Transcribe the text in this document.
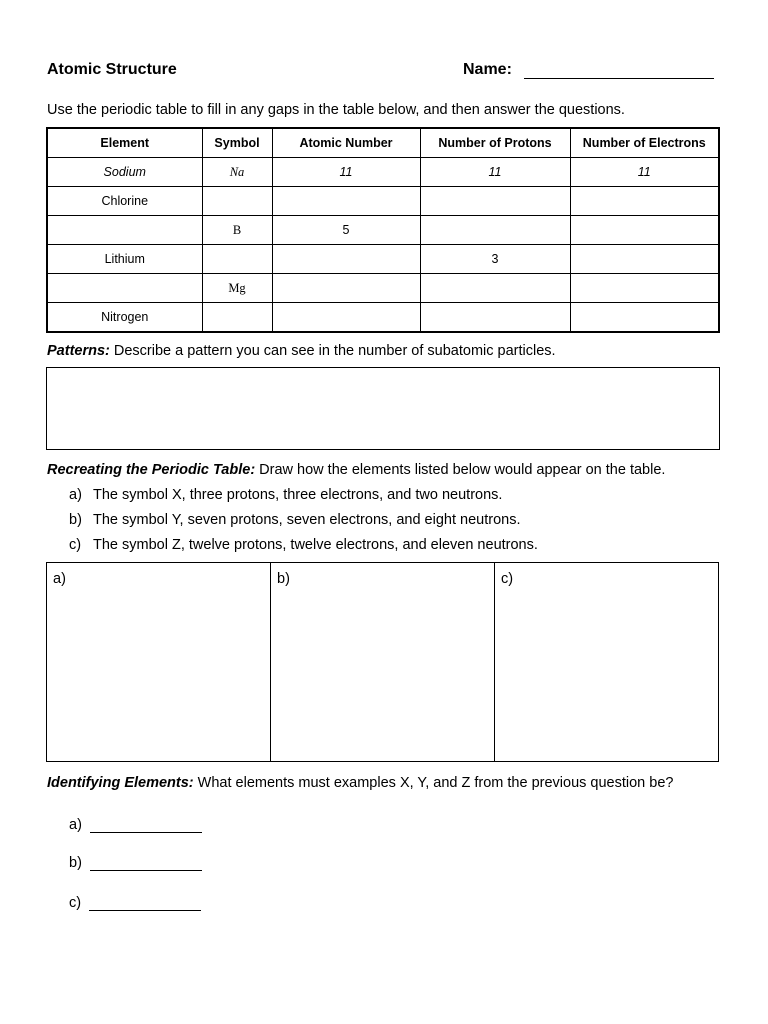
Atomic Structure	Name:
Use the periodic table to fill in any gaps in the table below, and then answer the questions.
Element	Symbol	Atomic Number	Number of Protons	Number of Electrons
Sodium	Na	11	11	11
Chlorine				
	B	5		
Lithium			3	
	Mg			
Nitrogen				
Patterns: Describe a pattern you can see in the number of subatomic particles.
Recreating the Periodic Table: Draw how the elements listed below would appear on the table.
a) The symbol X, three protons, three electrons, and two neutrons.
b) The symbol Y, seven protons, seven electrons, and eight neutrons.
c) The symbol Z, twelve protons, twelve electrons, and eleven neutrons.
a)	b)	c)
Identifying Elements: What elements must examples X, Y, and Z from the previous question be?
a)
b)
c)
